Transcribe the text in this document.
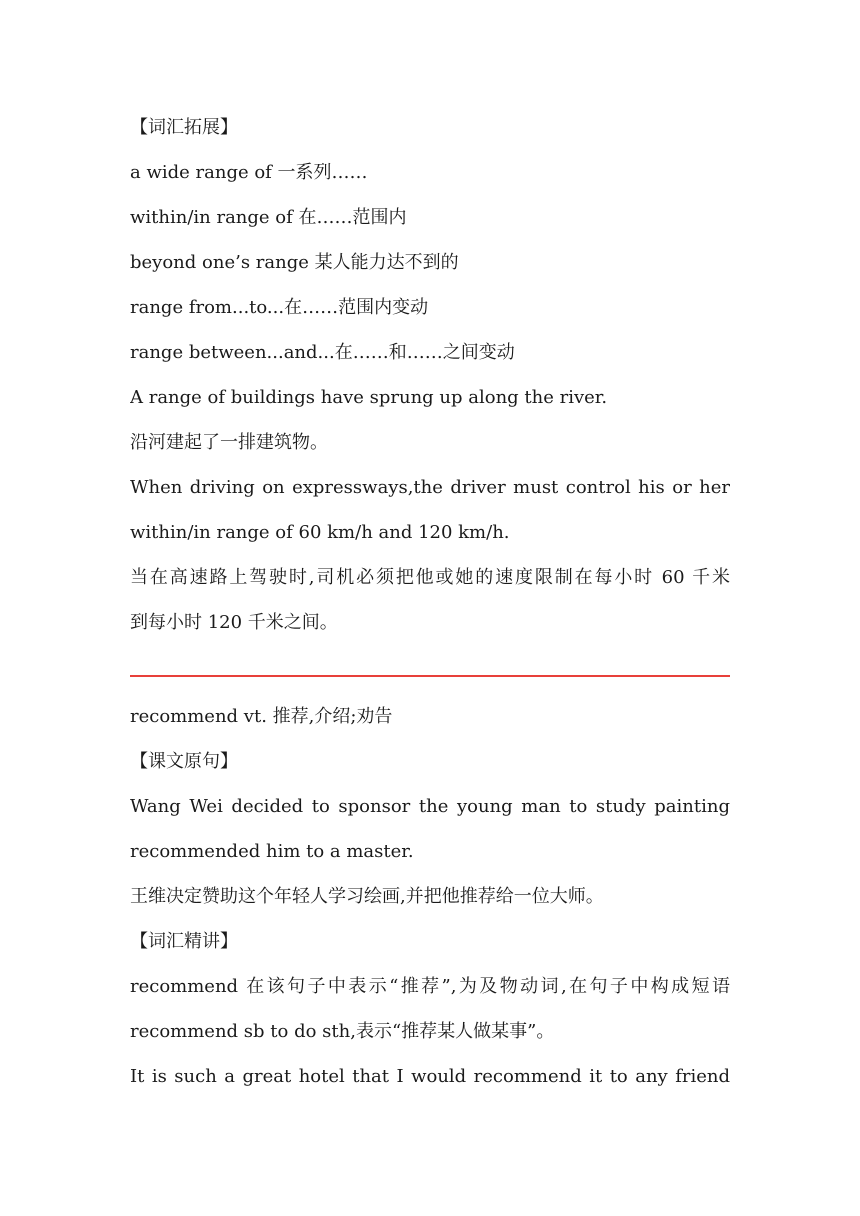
【词汇拓展】
a wide range of 一系列……
within/in range of 在……范围内
beyond one’s range 某人能力达不到的
range from...to...在……范围内变动
range between...and...在……和……之间变动
A range of buildings have sprung up along the river.
沿河建起了一排建筑物。
When driving on expressways,the driver must control his or her
within/in range of 60 km/h and 120 km/h.
当在高速路上驾驶时,司机必须把他或她的速度限制在每小时 60 千米
到每小时 120 千米之间。
recommend vt. 推荐,介绍;劝告
【课文原句】
Wang Wei decided to sponsor the young man to study painting
recommended him to a master.
王维决定赞助这个年轻人学习绘画,并把他推荐给一位大师。
【词汇精讲】
recommend 在该句子中表示“推荐”,为及物动词,在句子中构成短语
recommend sb to do sth,表示“推荐某人做某事”。
It is such a great hotel that I would recommend it to any friend
